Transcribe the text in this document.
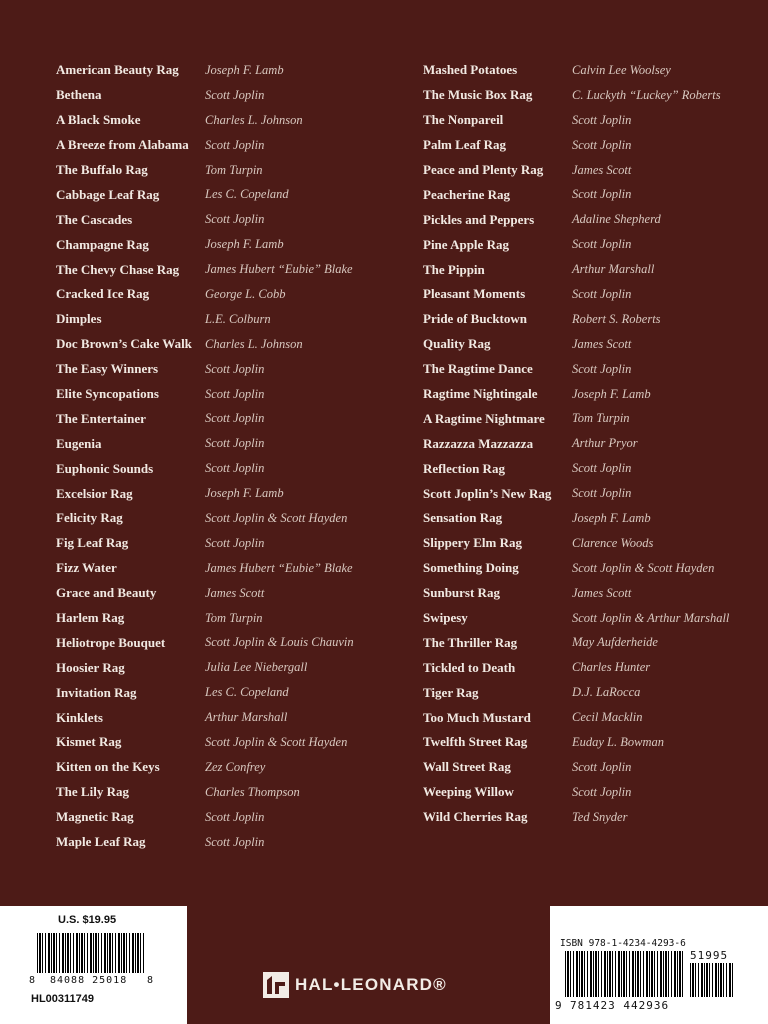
American Beauty Rag	Joseph F. Lamb
Bethena	Scott Joplin
A Black Smoke	Charles L. Johnson
A Breeze from Alabama	Scott Joplin
The Buffalo Rag	Tom Turpin
Cabbage Leaf Rag	Les C. Copeland
The Cascades	Scott Joplin
Champagne Rag	Joseph F. Lamb
The Chevy Chase Rag	James Hubert “Eubie” Blake
Cracked Ice Rag	George L. Cobb
Dimples	L.E. Colburn
Doc Brown’s Cake Walk	Charles L. Johnson
The Easy Winners	Scott Joplin
Elite Syncopations	Scott Joplin
The Entertainer	Scott Joplin
Eugenia	Scott Joplin
Euphonic Sounds	Scott Joplin
Excelsior Rag	Joseph F. Lamb
Felicity Rag	Scott Joplin & Scott Hayden
Fig Leaf Rag	Scott Joplin
Fizz Water	James Hubert “Eubie” Blake
Grace and Beauty	James Scott
Harlem Rag	Tom Turpin
Heliotrope Bouquet	Scott Joplin & Louis Chauvin
Hoosier Rag	Julia Lee Niebergall
Invitation Rag	Les C. Copeland
Kinklets	Arthur Marshall
Kismet Rag	Scott Joplin & Scott Hayden
Kitten on the Keys	Zez Confrey
The Lily Rag	Charles Thompson
Magnetic Rag	Scott Joplin
Maple Leaf Rag	Scott Joplin
Mashed Potatoes	Calvin Lee Woolsey
The Music Box Rag	C. Luckyth “Luckey” Roberts
The Nonpareil	Scott Joplin
Palm Leaf Rag	Scott Joplin
Peace and Plenty Rag	James Scott
Peacherine Rag	Scott Joplin
Pickles and Peppers	Adaline Shepherd
Pine Apple Rag	Scott Joplin
The Pippin	Arthur Marshall
Pleasant Moments	Scott Joplin
Pride of Bucktown	Robert S. Roberts
Quality Rag	James Scott
The Ragtime Dance	Scott Joplin
Ragtime Nightingale	Joseph F. Lamb
A Ragtime Nightmare	Tom Turpin
Razzazza Mazzazza	Arthur Pryor
Reflection Rag	Scott Joplin
Scott Joplin’s New Rag	Scott Joplin
Sensation Rag	Joseph F. Lamb
Slippery Elm Rag	Clarence Woods
Something Doing	Scott Joplin & Scott Hayden
Sunburst Rag	James Scott
Swipesy	Scott Joplin & Arthur Marshall
The Thriller Rag	May Aufderheide
Tickled to Death	Charles Hunter
Tiger Rag	D.J. LaRocca
Too Much Mustard	Cecil Macklin
Twelfth Street Rag	Euday L. Bowman
Wall Street Rag	Scott Joplin
Weeping Willow	Scott Joplin
Wild Cherries Rag	Ted Snyder
U.S. $19.95
8 84088 25018 8
HL00311749
HAL•LEONARD®
ISBN 978-1-4234-4293-6
51995
9 781423 442936
